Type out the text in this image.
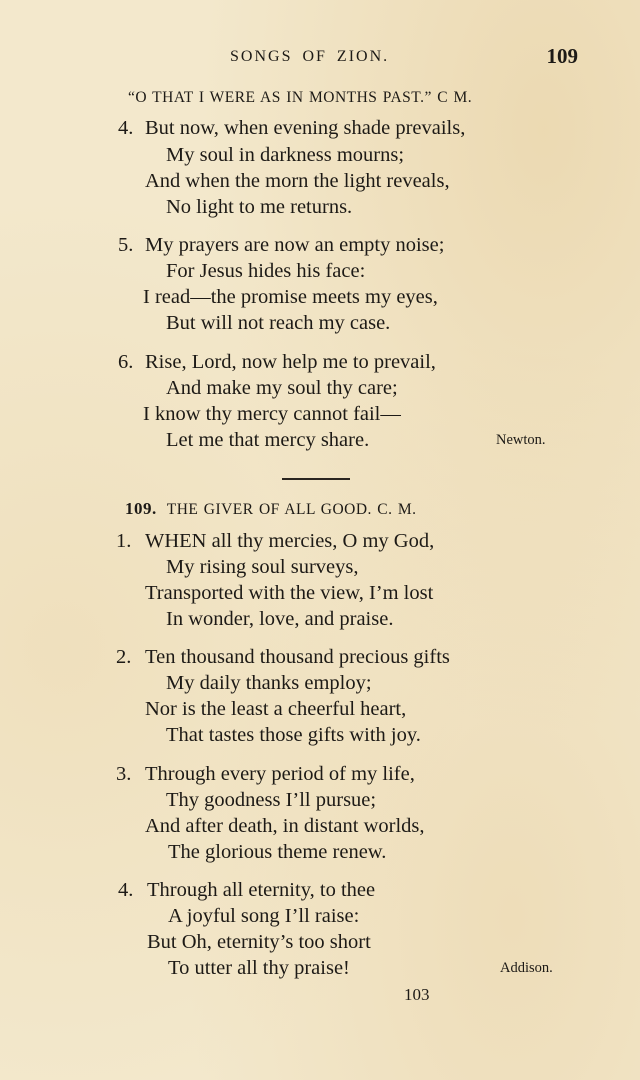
SONGS OF ZION.	109
“O THAT I WERE AS IN MONTHS PAST.” C M.
4. But now, when evening shade prevails,
My soul in darkness mourns;
And when the morn the light reveals,
No light to me returns.
5. My prayers are now an empty noise;
For Jesus hides his face:
I read—the promise meets my eyes,
But will not reach my case.
6. Rise, Lord, now help me to prevail,
And make my soul thy care;
I know thy mercy cannot fail—
Let me that mercy share.	Newton.
109. THE GIVER OF ALL GOOD. C. M.
1. WHEN all thy mercies, O my God,
My rising soul surveys,
Transported with the view, I’m lost
In wonder, love, and praise.
2. Ten thousand thousand precious gifts
My daily thanks employ;
Nor is the least a cheerful heart,
That tastes those gifts with joy.
3. Through every period of my life,
Thy goodness I’ll pursue;
And after death, in distant worlds,
The glorious theme renew.
4. Through all eternity, to thee
A joyful song I’ll raise:
But Oh, eternity’s too short
To utter all thy praise!	Addison.
103
